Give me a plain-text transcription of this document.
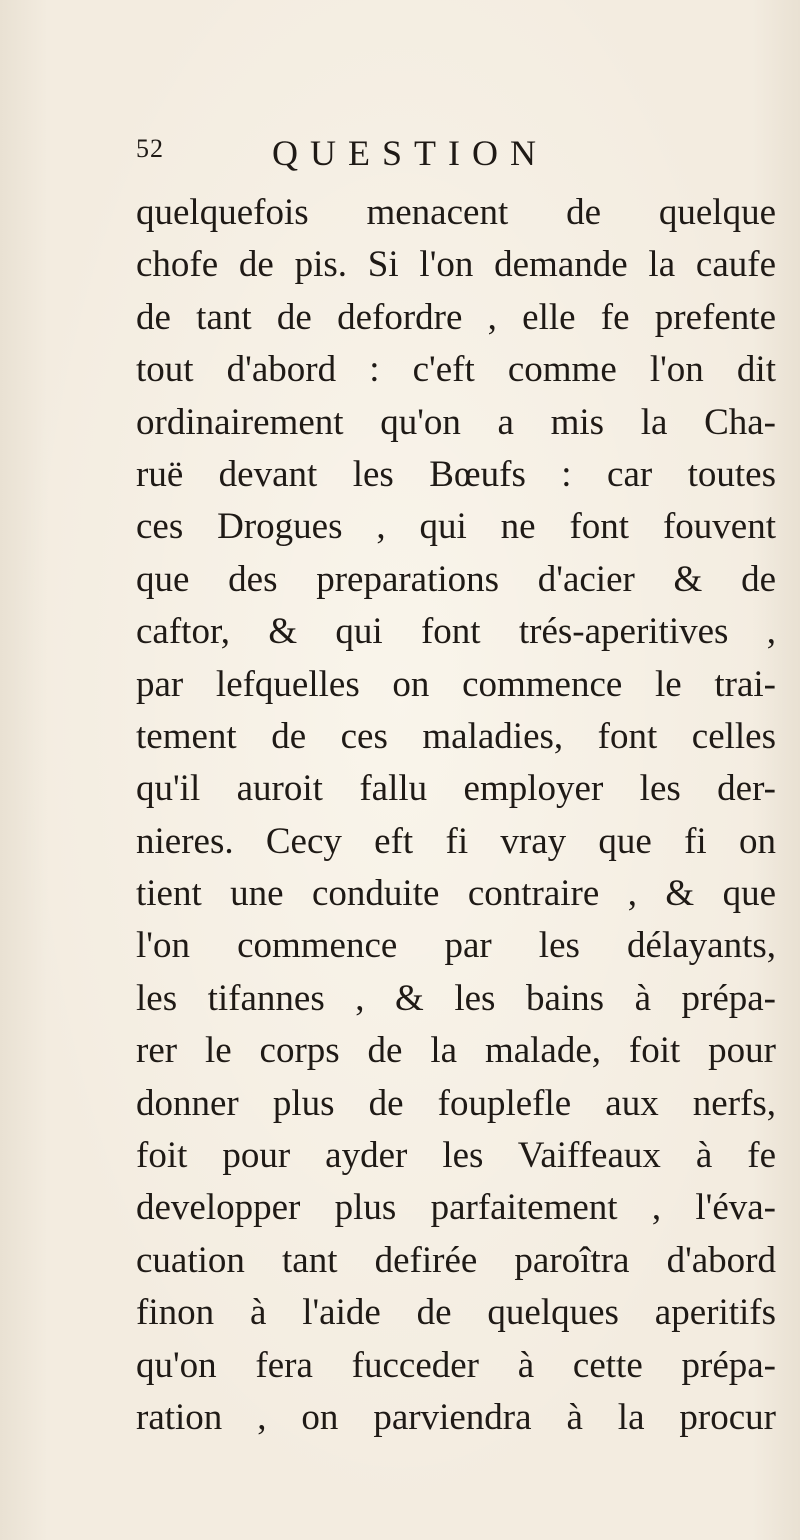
52	QUESTION
quelquefois menacent de quelque
chofe de pis. Si l'on demande la caufe
de tant de defordre , elle fe prefente
tout d'abord : c'eft comme l'on dit
ordinairement qu'on a mis la Cha-
ruë devant les Bœufs : car toutes
ces Drogues , qui ne font fouvent
que des preparations d'acier & de
caftor, & qui font trés-aperitives ,
par lefquelles on commence le trai-
tement de ces maladies, font celles
qu'il auroit fallu employer les der-
nieres. Cecy eft fi vray que fi on
tient une conduite contraire , & que
l'on commence par les délayants,
les tifannes , & les bains à prépa-
rer le corps de la malade, foit pour
donner plus de fouplefle aux nerfs,
foit pour ayder les Vaiffeaux à fe
developper plus parfaitement , l'éva-
cuation tant defirée paroîtra d'abord
finon à l'aide de quelques aperitifs
qu'on fera fucceder à cette prépa-
ration , on parviendra à la procur
